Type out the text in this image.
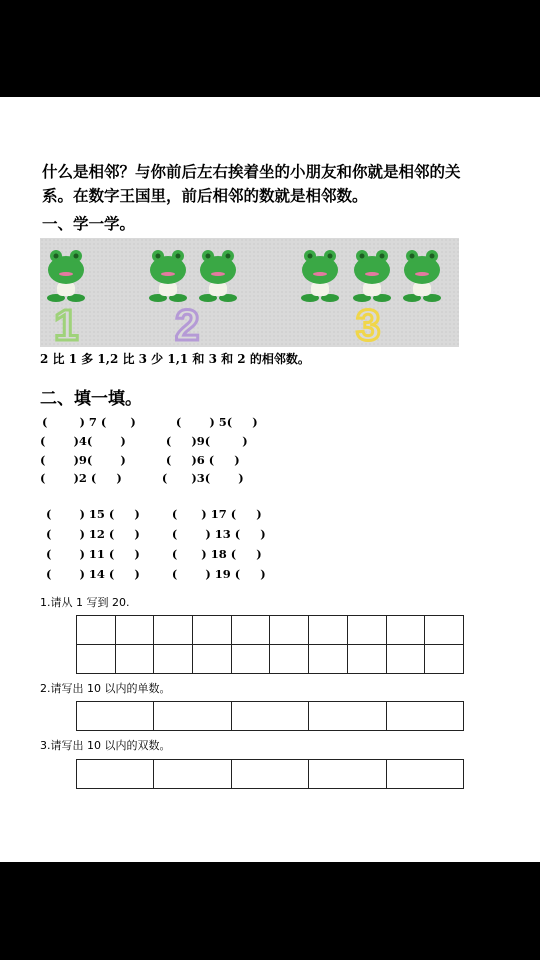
什么是相邻？与你前后左右挨着坐的小朋友和你就是相邻的关
系。在数字王国里，前后相邻的数就是相邻数。
一、学一学。
1 2	3
2 比 1 多 1,2 比 3 少 1,1 和 3 和 2 的相邻数。
二、填一填。
(        ) 7 (      )          (       ) 5(     )
(       )4(       )          (     )9(        )
(       )9(       )          (     )6 (     )
(       )2 (     )          (      )3(       )
(       ) 15 (     )        (      ) 17 (     )
(       ) 12 (     )        (       ) 13 (     )
(       ) 11 (     )        (      ) 18 (     )
(       ) 14 (     )        (       ) 19 (     )
1.请从 1 写到 20.

2.请写出 10 以内的单数。

3.请写出 10 以内的双数。
